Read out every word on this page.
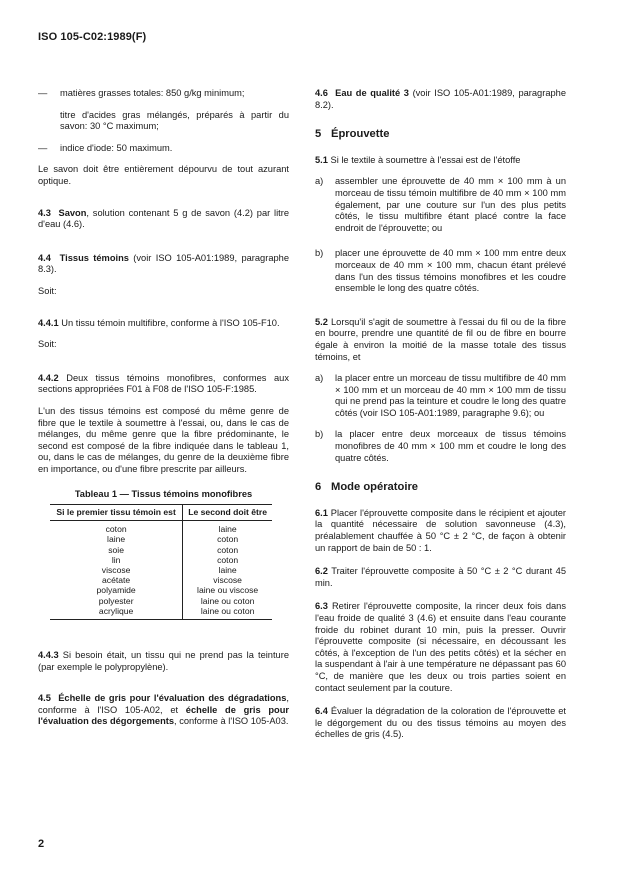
ISO 105-C02:1989(F)
—	matières grasses totales: 850 g/kg minimum;

titre d'acides gras mélangés, préparés à partir du savon: 30 °C maximum;

—	indice d'iode: 50 maximum.

Le savon doit être entièrement dépourvu de tout azurant optique.

4.3 Savon, solution contenant 5 g de savon (4.2) par litre d'eau (4.6).

4.4 Tissus témoins (voir ISO 105-A01:1989, paragraphe 8.3).

Soit:

4.4.1 Un tissu témoin multifibre, conforme à l'ISO 105-F10.

Soit:

4.4.2 Deux tissus témoins monofibres, conformes aux sections appropriées F01 à F08 de l'ISO 105-F:1985.

L'un des tissus témoins est composé du même genre de fibre que le textile à soumettre à l'essai, ou, dans le cas de mélanges, du même genre que la fibre prédominante, le second est composé de la fibre indiquée dans le tableau 1, ou, dans le cas de mélanges, du genre de la deuxième fibre en importance, ou d'une fibre prescrite par ailleurs.

Tableau 1 — Tissus témoins monofibres
Si le premier tissu témoin est	Le second doit être
coton	laine
laine	coton
soie	coton
lin	coton
viscose	laine
acétate	viscose
polyamide	laine ou viscose
polyester	laine ou coton
acrylique	laine ou coton

4.4.3 Si besoin était, un tissu qui ne prend pas la teinture (par exemple le polypropylène).

4.5 Échelle de gris pour l'évaluation des dégradations, conforme à l'ISO 105-A02, et échelle de gris pour l'évaluation des dégorgements, conforme à l'ISO 105-A03.

4.6 Eau de qualité 3 (voir ISO 105-A01:1989, paragraphe 8.2).

5 Éprouvette

5.1 Si le textile à soumettre à l'essai est de l'étoffe

a)	assembler une éprouvette de 40 mm × 100 mm à un morceau de tissu témoin multifibre de 40 mm × 100 mm également, par une couture sur l'un des plus petits côtés, le tissu multifibre étant placé contre la face endroit de l'éprouvette; ou
b)	placer une éprouvette de 40 mm × 100 mm entre deux morceaux de 40 mm × 100 mm, chacun étant prélevé dans l'un des tissus témoins monofibres et les coudre ensemble le long des quatre côtés.

5.2 Lorsqu'il s'agit de soumettre à l'essai du fil ou de la fibre en bourre, prendre une quantité de fil ou de fibre en bourre égale à environ la moitié de la masse totale des tissus témoins, et

a)	la placer entre un morceau de tissu multifibre de 40 mm × 100 mm et un morceau de 40 mm × 100 mm de tissu qui ne prend pas la teinture et coudre le long des quatre côtés (voir ISO 105-A01:1989, paragraphe 9.6); ou
b)	la placer entre deux morceaux de tissus témoins monofibres de 40 mm × 100 mm et coudre le long des quatre côtés.
6 Mode opératoire

6.1 Placer l'éprouvette composite dans le récipient et ajouter la quantité nécessaire de solution savonneuse (4.3), préalablement chauffée à 50 °C ± 2 °C, de façon à obtenir un rapport de bain de 50 : 1.

6.2 Traiter l'éprouvette composite à 50 °C ± 2 °C durant 45 min.

6.3 Retirer l'éprouvette composite, la rincer deux fois dans l'eau froide de qualité 3 (4.6) et ensuite dans l'eau courante froide du robinet durant 10 min, puis la presser. Ouvrir l'éprouvette composite (si nécessaire, en découssant les côtés, à l'exception de l'un des petits côtés) et la sécher en la suspendant à l'air à une température ne dépassant pas 60 °C, de manière que les deux ou trois parties soient en contact seulement par la couture.

6.4 Évaluer la dégradation de la coloration de l'éprouvette et le dégorgement du ou des tissus témoins au moyen des échelles de gris (4.5).

2
